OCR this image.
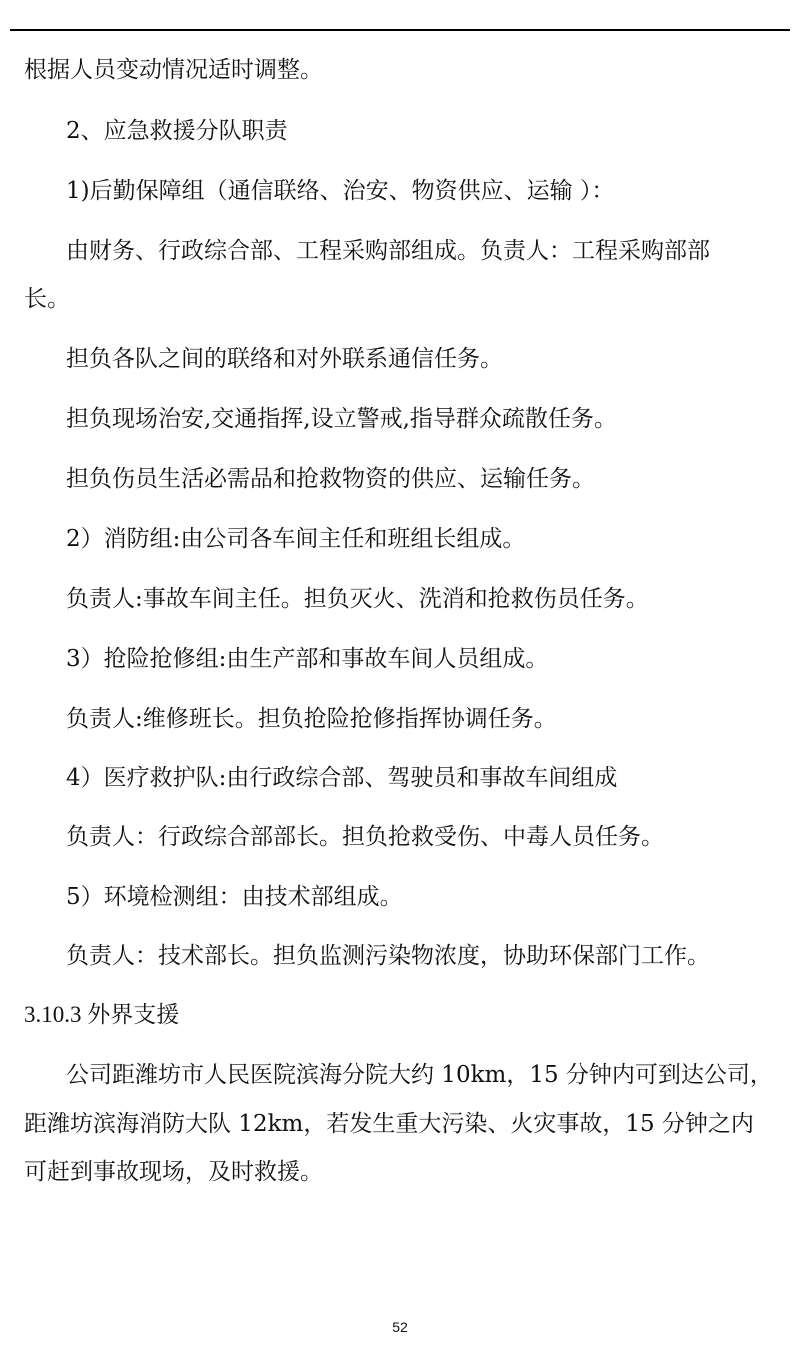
根据人员变动情况适时调整。
2、应急救援分队职责
1)后勤保障组（通信联络、治安、物资供应、运输 ）：
由财务、行政综合部、工程采购部组成。负责人：工程采购部部
长。
担负各队之间的联络和对外联系通信任务。
担负现场治安,交通指挥,设立警戒,指导群众疏散任务。
担负伤员生活必需品和抢救物资的供应、运输任务。
2）消防组:由公司各车间主任和班组长组成。
负责人:事故车间主任。担负灭火、洗消和抢救伤员任务。
3）抢险抢修组:由生产部和事故车间人员组成。
负责人:维修班长。担负抢险抢修指挥协调任务。
4）医疗救护队:由行政综合部、驾驶员和事故车间组成
负责人：行政综合部部长。担负抢救受伤、中毒人员任务。
5）环境检测组：由技术部组成。
负责人：技术部长。担负监测污染物浓度，协助环保部门工作。
3.10.3 外界支援
公司距潍坊市人民医院滨海分院大约 10km，15 分钟内可到达公司，
距潍坊滨海消防大队 12km，若发生重大污染、火灾事故，15 分钟之内
可赶到事故现场，及时救援。
52
